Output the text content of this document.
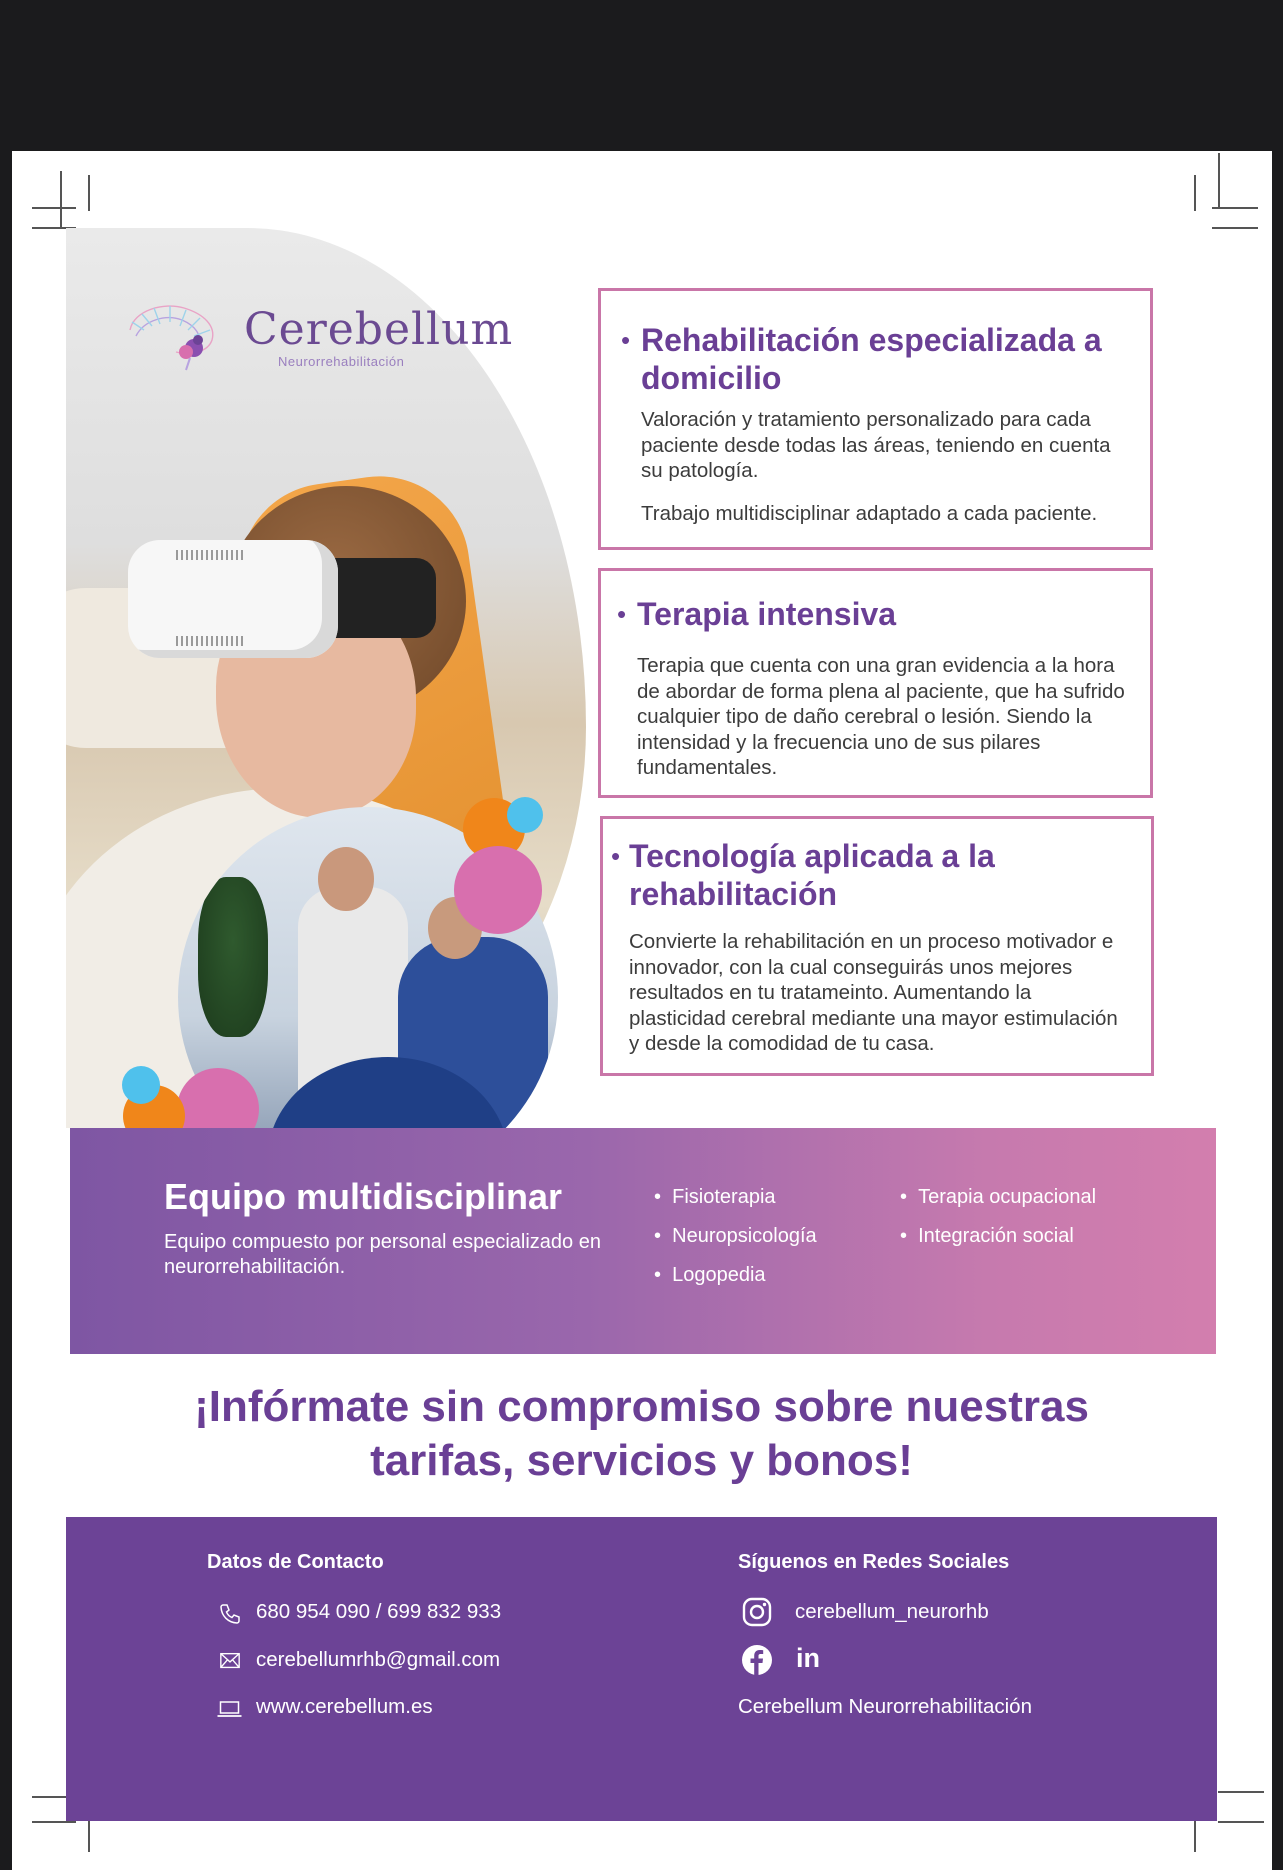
Cerebellum
Neurorrehabilitación
• Rehabilitación especializada a
domicilio

Valoración y tratamiento personalizado para cada paciente desde todas las áreas, teniendo en cuenta su patología.

Trabajo multidisciplinar adaptado a cada paciente.

• Terapia intensiva

Terapia que cuenta con una gran evidencia a la hora de abordar de forma plena al paciente, que ha sufrido cualquier tipo de daño cerebral o lesión. Siendo la intensidad y la frecuencia uno de sus pilares fundamentales.

• Tecnología aplicada a la
rehabilitación

Convierte la rehabilitación en un proceso motivador e innovador, con la cual conseguirás unos mejores resultados en tu tratameinto. Aumentando la plasticidad cerebral mediante una mayor estimulación y desde la comodidad de tu casa.

Equipo multidisciplinar
Equipo compuesto por personal especializado en neurorrehabilitación.
•  Fisioterapia
•  Neuropsicología
•  Logopedia
•  Terapia ocupacional
•  Integración social
¡Infórmate sin compromiso sobre nuestras
tarifas, servicios y bonos!
Datos de Contacto
680 954 090 / 699 832 933
cerebellumrhb@gmail.com
www.cerebellum.es
Síguenos en Redes Sociales
cerebellum_neurorhb
in
Cerebellum Neurorrehabilitación
